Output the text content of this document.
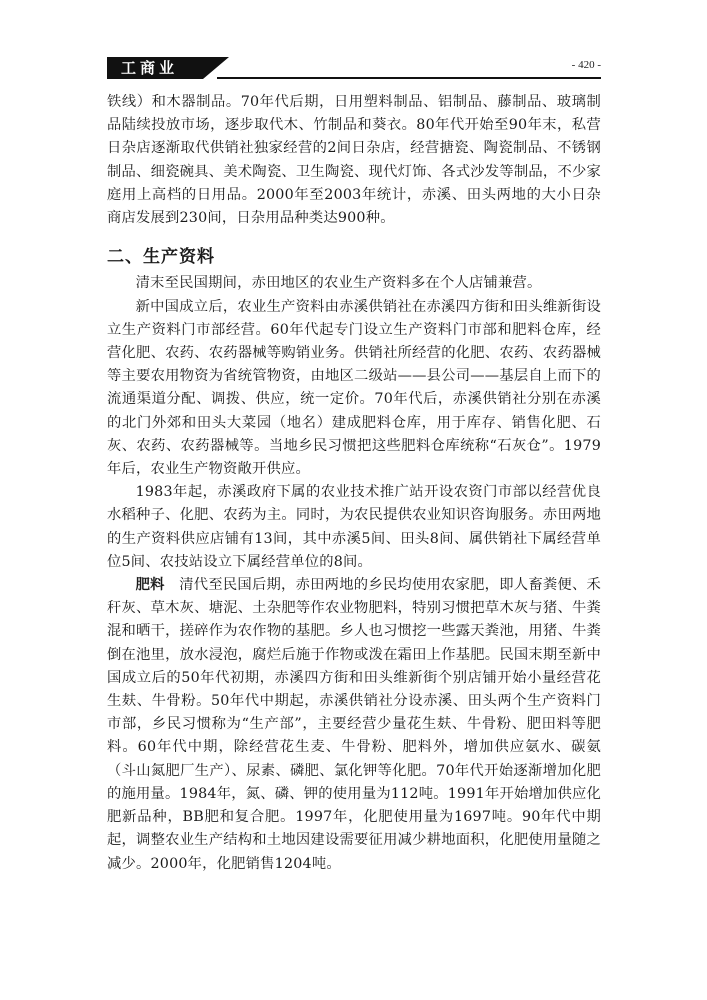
工商业	- 420 -

铁线）和木器制品。70年代后期，日用塑料制品、铝制品、藤制品、玻璃制品陆续投放市场，逐步取代木、竹制品和葵衣。80年代开始至90年末，私营日杂店逐渐取代供销社独家经营的2间日杂店，经营搪瓷、陶瓷制品、不锈钢制品、细瓷碗具、美术陶瓷、卫生陶瓷、现代灯饰、各式沙发等制品，不少家庭用上高档的日用品。2000年至2003年统计，赤溪、田头两地的大小日杂商店发展到230间，日杂用品种类达900种。

二、生产资料

清末至民国期间，赤田地区的农业生产资料多在个人店铺兼营。

新中国成立后，农业生产资料由赤溪供销社在赤溪四方街和田头维新街设立生产资料门市部经营。60年代起专门设立生产资料门市部和肥料仓库，经营化肥、农药、农药器械等购销业务。供销社所经营的化肥、农药、农药器械等主要农用物资为省统管物资，由地区二级站——县公司——基层自上而下的流通渠道分配、调拨、供应，统一定价。70年代后，赤溪供销社分别在赤溪的北门外郊和田头大菜园（地名）建成肥料仓库，用于库存、销售化肥、石灰、农药、农药器械等。当地乡民习惯把这些肥料仓库统称“石灰仓”。1979年后，农业生产物资敞开供应。

1983年起，赤溪政府下属的农业技术推广站开设农资门市部以经营优良水稻种子、化肥、农药为主。同时，为农民提供农业知识咨询服务。赤田两地的生产资料供应店铺有13间，其中赤溪5间、田头8间、属供销社下属经营单位5间、农技站设立下属经营单位的8间。

肥料　 清代至民国后期，赤田两地的乡民均使用农家肥，即人畜粪便、禾秆灰、草木灰、塘泥、土杂肥等作农业物肥料，特别习惯把草木灰与猪、牛粪混和晒干，搓碎作为农作物的基肥。乡人也习惯挖一些露天粪池，用猪、牛粪倒在池里，放水浸泡，腐烂后施于作物或泼在霜田上作基肥。民国末期至新中国成立后的50年代初期，赤溪四方街和田头维新街个别店铺开始小量经营花生麸、牛骨粉。50年代中期起，赤溪供销社分设赤溪、田头两个生产资料门市部，乡民习惯称为“生产部”，主要经营少量花生麸、牛骨粉、肥田料等肥料。60年代中期，除经营花生麦、牛骨粉、肥料外，增加供应氨水、碳氨（斗山氮肥厂生产）、尿素、磷肥、氯化钾等化肥。70年代开始逐渐增加化肥的施用量。1984年，氮、磷、钾的使用量为112吨。1991年开始增加供应化肥新品种，BB肥和复合肥。1997年，化肥使用量为1697吨。90年代中期起，调整农业生产结构和土地因建设需要征用减少耕地面积，化肥使用量随之减少。2000年，化肥销售1204吨。
